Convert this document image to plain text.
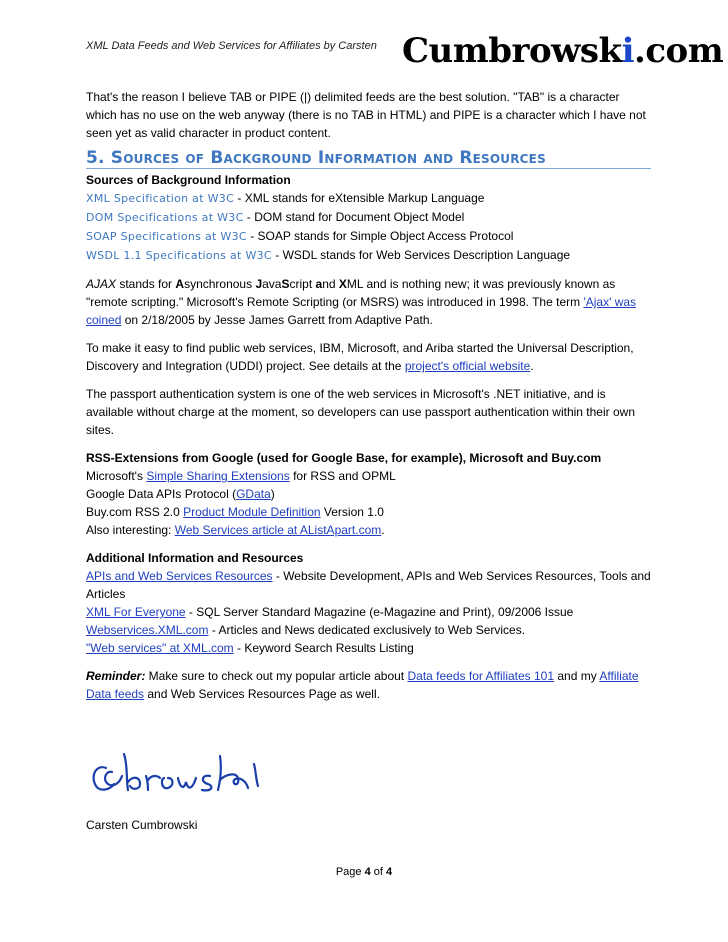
XML Data Feeds and Web Services for Affiliates by Carsten Cumbrowski.com

That's the reason I believe TAB or PIPE (|) delimited feeds are the best solution. "TAB" is a character which has no use on the web anyway (there is no TAB in HTML) and PIPE is a character which I have not seen yet as valid character in product content.

5. Sources of Background Information and Resources
Sources of Background Information
XML Specification at W3C - XML stands for eXtensible Markup Language
DOM Specifications at W3C - DOM stand for Document Object Model
SOAP Specifications at W3C - SOAP stands for Simple Object Access Protocol
WSDL 1.1 Specifications at W3C - WSDL stands for Web Services Description Language

AJAX stands for Asynchronous JavaScript and XML and is nothing new; it was previously known as "remote scripting." Microsoft's Remote Scripting (or MSRS) was introduced in 1998. The term 'Ajax' was coined on 2/18/2005 by Jesse James Garrett from Adaptive Path.

To make it easy to find public web services, IBM, Microsoft, and Ariba started the Universal Description, Discovery and Integration (UDDI) project. See details at the project's official website.

The passport authentication system is one of the web services in Microsoft's .NET initiative, and is available without charge at the moment, so developers can use passport authentication within their own sites.

RSS-Extensions from Google (used for Google Base, for example), Microsoft and Buy.com
Microsoft's Simple Sharing Extensions for RSS and OPML
Google Data APIs Protocol (GData)
Buy.com RSS 2.0 Product Module Definition Version 1.0
Also interesting: Web Services article at AListApart.com.
Additional Information and Resources
APIs and Web Services Resources - Website Development, APIs and Web Services Resources, Tools and Articles
XML For Everyone - SQL Server Standard Magazine (e-Magazine and Print), 09/2006 Issue
Webservices.XML.com - Articles and News dedicated exclusively to Web Services.
"Web services" at XML.com - Keyword Search Results Listing

Reminder: Make sure to check out my popular article about Data feeds for Affiliates 101 and my Affiliate Data feeds and Web Services Resources Page as well.

Carsten Cumbrowski
Page 4 of 4
